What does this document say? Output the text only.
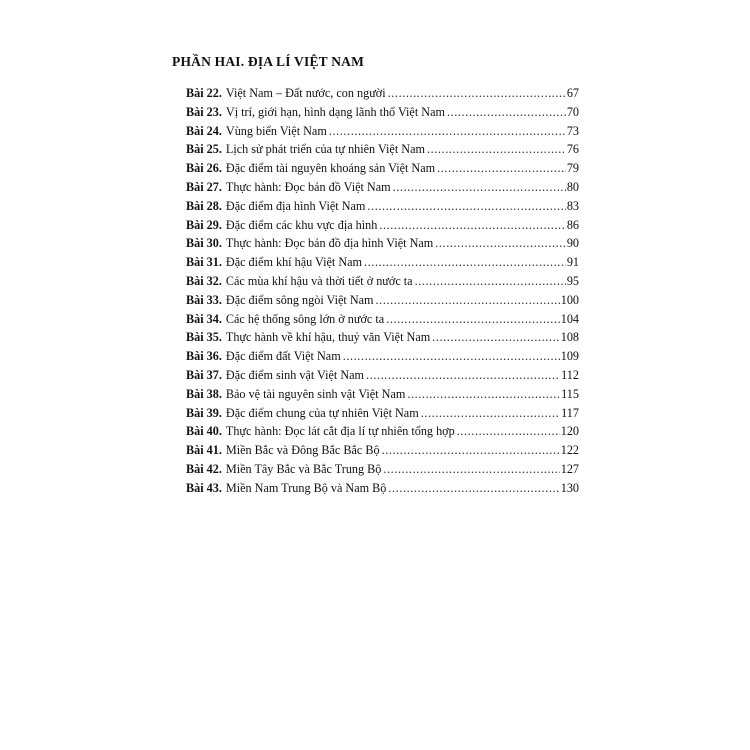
PHẦN HAI. ĐỊA LÍ VIỆT NAM
Bài 22. Việt Nam – Đất nước, con người .....	67
Bài 23. Vị trí, giới hạn, hình dạng lãnh thổ Việt Nam .....	70
Bài 24. Vùng biển Việt Nam .....	73
Bài 25. Lịch sử phát triển của tự nhiên Việt Nam .....	76
Bài 26. Đặc điểm tài nguyên khoáng sản Việt Nam .....	79
Bài 27. Thực hành: Đọc bản đồ Việt Nam .....	80
Bài 28. Đặc điểm địa hình Việt Nam .....	83
Bài 29. Đặc điểm các khu vực địa hình .....	86
Bài 30. Thực hành: Đọc bản đồ địa hình Việt Nam .....	90
Bài 31. Đặc điểm khí hậu Việt Nam .....	91
Bài 32. Các mùa khí hậu và thời tiết ở nước ta .....	95
Bài 33. Đặc điểm sông ngòi Việt Nam .....	100
Bài 34. Các hệ thống sông lớn ở nước ta .....	104
Bài 35. Thực hành về khí hậu, thuỷ văn Việt Nam .....	108
Bài 36. Đặc điểm đất Việt Nam .....	109
Bài 37. Đặc điểm sinh vật Việt Nam .....	112
Bài 38. Bảo vệ tài nguyên sinh vật Việt Nam .....	115
Bài 39. Đặc điểm chung của tự nhiên Việt Nam .....	117
Bài 40. Thực hành: Đọc lát cắt địa lí tự nhiên tổng hợp .....	120
Bài 41. Miền Bắc và Đông Bắc Bắc Bộ .....	122
Bài 42. Miền Tây Bắc và Bắc Trung Bộ .....	127
Bài 43. Miền Nam Trung Bộ và Nam Bộ .....	130
